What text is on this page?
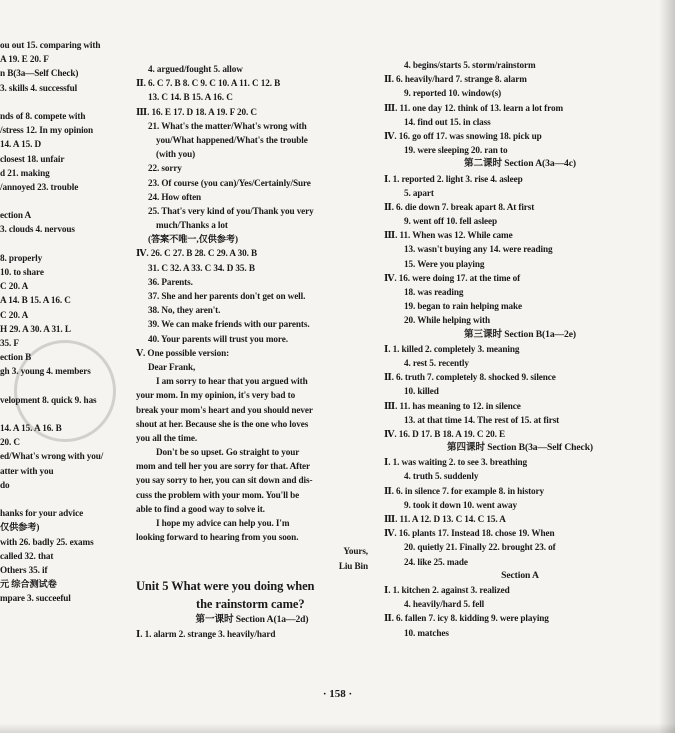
ou out 15. comparing with
A 19. E 20. F
n B(3a—Self Check)
3. skills 4. successful
nds of 8. compete with
/stress 12. In my opinion
14. A 15. D
closest 18. unfair
d 21. making
/annoyed 23. trouble
ection A
3. clouds 4. nervous
8. properly
10. to share
C 20. A
A 14. B 15. A 16. C
C 20. A
H 29. A 30. A 31. L
35. F
ection B
gh 3. young 4. members
velopment 8. quick 9. has
14. A 15. A 16. B
20. C
ed/What's wrong with you/
atter with you
do
hanks for your advice
仅供参考)
with 26. badly 25. exams
called 32. that
Others 35. if
元 综合测试卷
mpare 3. succeeful
4. argued/fought 5. allow
Ⅱ. 6. C 7. B 8. C 9. C 10. A 11. C 12. B
13. C 14. B 15. A 16. C
Ⅲ. 16. E 17. D 18. A 19. F 20. C
21. What's the matter/What's wrong with
you/What happened/What's the trouble
(with you)
22. sorry
23. Of course (you can)/Yes/Certainly/Sure
24. How often
25. That's very kind of you/Thank you very
much/Thanks a lot
(答案不唯一,仅供参考)
Ⅳ. 26. C 27. B 28. C 29. A 30. B
31. C 32. A 33. C 34. D 35. B
36. Parents.
37. She and her parents don't get on well.
38. No, they aren't.
39. We can make friends with our parents.
40. Your parents will trust you more.
Ⅴ. One possible version:
Dear Frank,
I am sorry to hear that you argued with
your mom. In my opinion, it's very bad to
break your mom's heart and you should never
shout at her. Because she is the one who loves
you all the time.
Don't be so upset. Go straight to your
mom and tell her you are sorry for that. After
you say sorry to her, you can sit down and dis-
cuss the problem with your mom. You'll be
able to find a good way to solve it.
I hope my advice can help you. I'm
looking forward to hearing from you soon.
Yours,
Liu Bin
Unit 5 What were you doing when
the rainstorm came?
第一课时 Section A(1a—2d)
Ⅰ. 1. alarm 2. strange 3. heavily/hard
4. begins/starts 5. storm/rainstorm
Ⅱ. 6. heavily/hard 7. strange 8. alarm
9. reported 10. window(s)
Ⅲ. 11. one day 12. think of 13. learn a lot from
14. find out 15. in class
Ⅳ. 16. go off 17. was snowing 18. pick up
19. were sleeping 20. ran to
第二课时 Section A(3a—4c)
Ⅰ. 1. reported 2. light 3. rise 4. asleep
5. apart
Ⅱ. 6. die down 7. break apart 8. At first
9. went off 10. fell asleep
Ⅲ. 11. When was 12. While came
13. wasn't buying any 14. were reading
15. Were you playing
Ⅳ. 16. were doing 17. at the time of
18. was reading
19. began to rain helping make
20. While helping with
第三课时 Section B(1a—2e)
Ⅰ. 1. killed 2. completely 3. meaning
4. rest 5. recently
Ⅱ. 6. truth 7. completely 8. shocked 9. silence
10. killed
Ⅲ. 11. has meaning to 12. in silence
13. at that time 14. The rest of 15. at first
Ⅳ. 16. D 17. B 18. A 19. C 20. E
第四课时 Section B(3a—Self Check)
Ⅰ. 1. was waiting 2. to see 3. breathing
4. truth 5. suddenly
Ⅱ. 6. in silence 7. for example 8. in history
9. took it down 10. went away
Ⅲ. 11. A 12. D 13. C 14. C 15. A
Ⅳ. 16. plants 17. Instead 18. chose 19. When
20. quietly 21. Finally 22. brought 23. of
24. like 25. made
Section A
Ⅰ. 1. kitchen 2. against 3. realized
4. heavily/hard 5. fell
Ⅱ. 6. fallen 7. icy 8. kidding 9. were playing
10. matches
· 158 ·
